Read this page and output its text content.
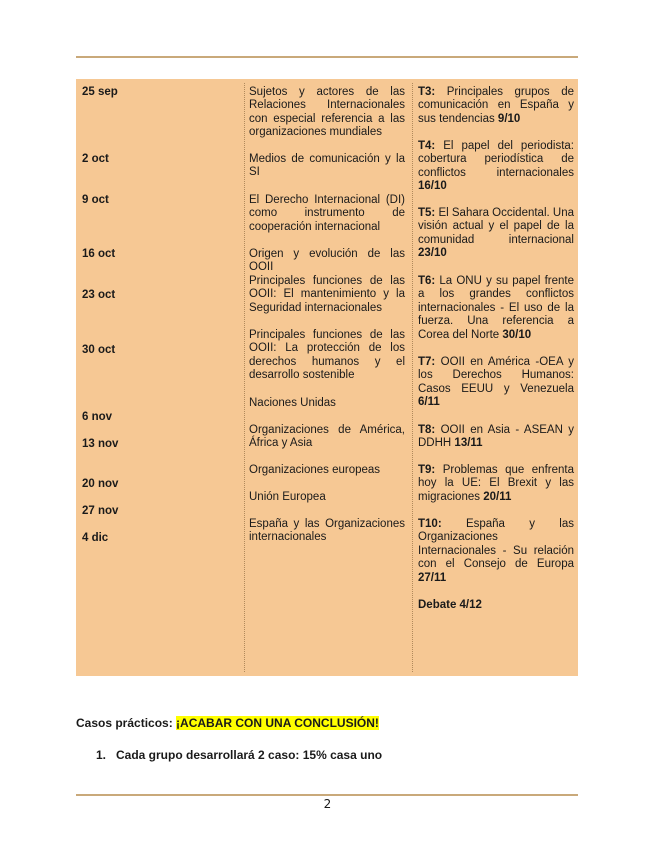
25 sep
2 oct
9 oct
16 oct
23 oct
30 oct
6 nov
13 nov
20 nov
27 nov
4 dic
Sujetos y actores de las Relaciones Internacionales con especial referencia a las organizaciones mundiales
Medios de comunicación y la SI
El Derecho Internacional (DI) como instrumento de cooperación internacional
Origen y evolución de las OOII
Principales funciones de las OOII: El mantenimiento y la Seguridad internacionales
Principales funciones de las OOII: La protección de los derechos humanos y el desarrollo sostenible
Naciones Unidas
Organizaciones de América, África y Asia
Organizaciones europeas
Unión Europea
España y las Organizaciones internacionales
T3: Principales grupos de comunicación en España y sus tendencias 9/10
T4: El papel del periodista: cobertura periodística de conflictos internacionales 16/10
T5: El Sahara Occidental. Una visión actual y el papel de la comunidad internacional 23/10
T6: La ONU y su papel frente a los grandes conflictos internacionales - El uso de la fuerza. Una referencia a Corea del Norte 30/10
T7: OOII en América -OEA y los Derechos Humanos: Casos EEUU y Venezuela 6/11
T8: OOII en Asia - ASEAN y DDHH 13/11
T9: Problemas que enfrenta hoy la UE: El Brexit y las migraciones 20/11
T10: España y las Organizaciones Internacionales - Su relación con el Consejo de Europa 27/11
Debate 4/12
Casos prácticos: ¡ACABAR CON UNA CONCLUSIÓN!
1. Cada grupo desarrollará 2 caso: 15% casa uno
2
